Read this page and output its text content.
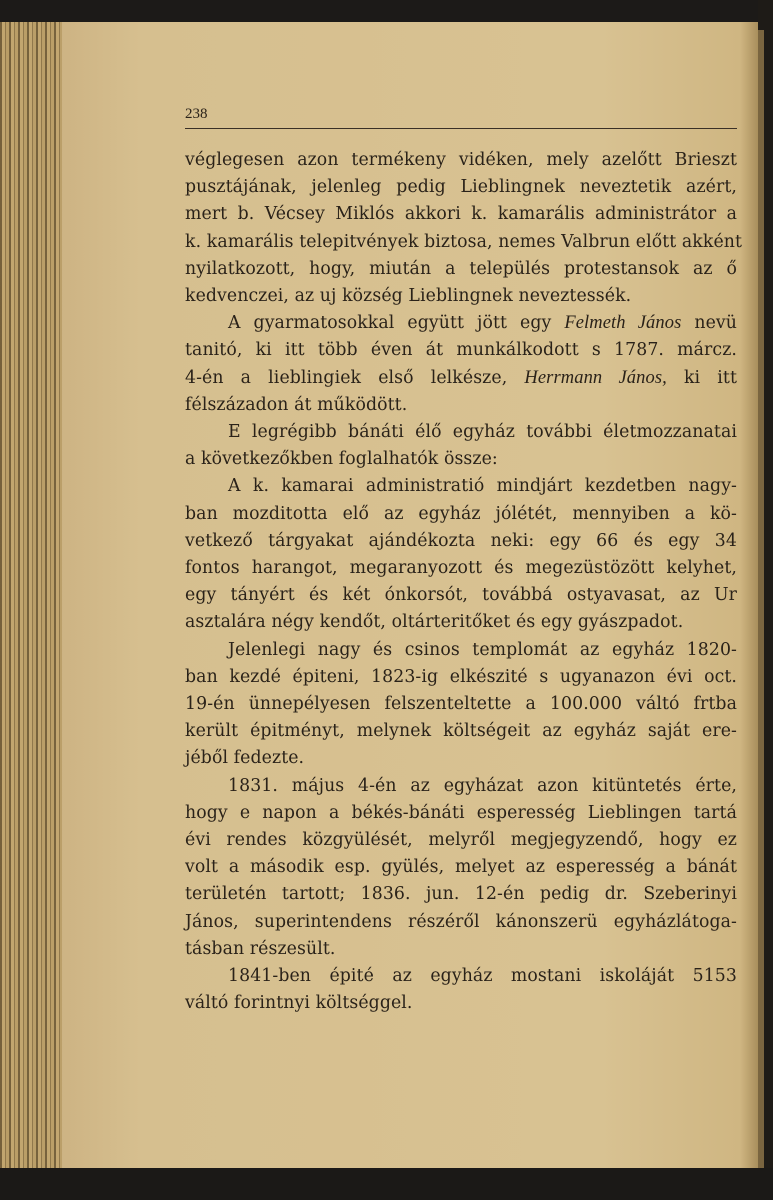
238
véglegesen azon termékeny vidéken, mely azelőtt Brieszt
pusztájának, jelenleg pedig Lieblingnek neveztetik azért,
mert b. Vécsey Miklós akkori k. kamarális administrátor a
k. kamarális telepitvények biztosa, nemes Valbrun előtt akként
nyilatkozott, hogy, miután a település protestansok az ő
kedvenczei, az uj község Lieblingnek neveztessék.
A gyarmatosokkal együtt jött egy Felmeth János nevü
tanitó, ki itt több éven át munkálkodott s 1787. márcz.
4-én a lieblingiek első lelkésze, Herrmann János, ki itt
félszázadon át működött.
E legrégibb bánáti élő egyház további életmozzanatai
a következőkben foglalhatók össze:
A k. kamarai administratió mindjárt kezdetben nagy-
ban mozditotta elő az egyház jólétét, mennyiben a kö-
vetkező tárgyakat ajándékozta neki: egy 66 és egy 34
fontos harangot, megaranyozott és megezüstözött kelyhet,
egy tányért és két ónkorsót, továbbá ostyavasat, az Ur
asztalára négy kendőt, oltárteritőket és egy gyászpadot.
Jelenlegi nagy és csinos templomát az egyház 1820-
ban kezdé épiteni, 1823-ig elkészité s ugyanazon évi oct.
19-én ünnepélyesen felszenteltette a 100.000 váltó frtba
került épitményt, melynek költségeit az egyház saját ere-
jéből fedezte.
1831. május 4-én az egyházat azon kitüntetés érte,
hogy e napon a békés-bánáti esperesség Lieblingen tartá
évi rendes közgyülését, melyről megjegyzendő, hogy ez
volt a második esp. gyülés, melyet az esperesség a bánát
területén tartott; 1836. jun. 12-én pedig dr. Szeberinyi
János, superintendens részéről kánonszerü egyházlátoga-
tásban részesült.
1841-ben épité az egyház mostani iskoláját 5153
váltó forintnyi költséggel.
